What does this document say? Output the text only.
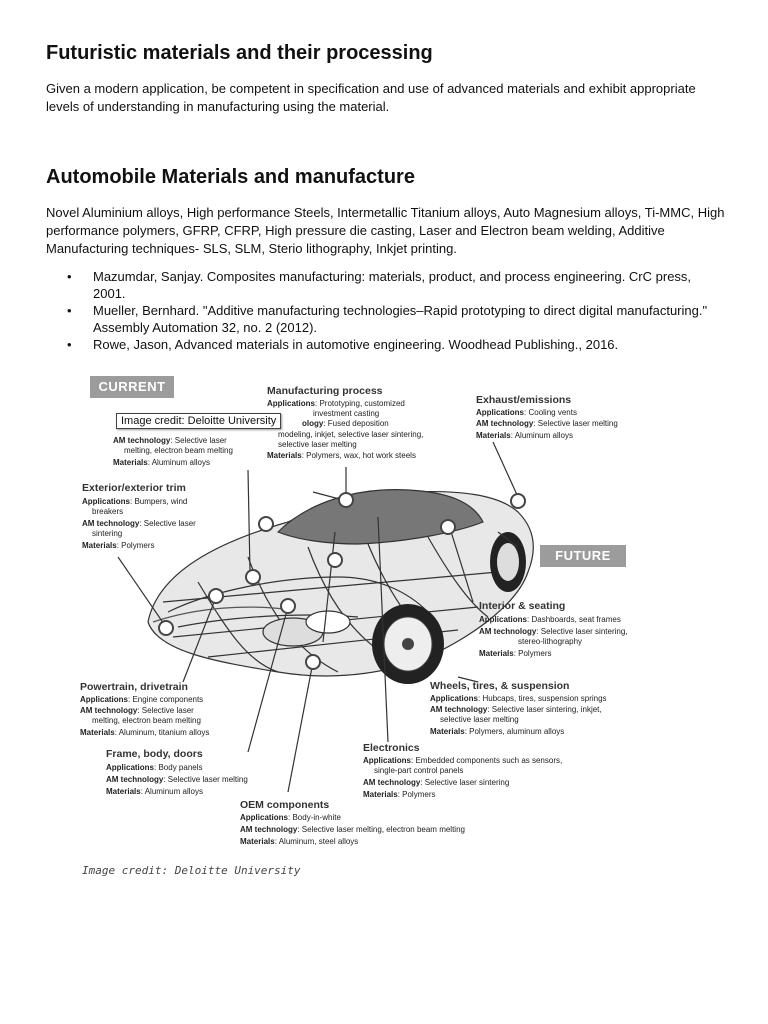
Futuristic materials and their processing

Given a modern application, be competent in specification and use of advanced materials and exhibit appropriate levels of understanding in manufacturing using the material.

Automobile Materials and manufacture

Novel Aluminium alloys, High performance Steels, Intermetallic Titanium alloys, Auto Magnesium alloys, Ti-MMC, High performance polymers, GFRP, CFRP, High pressure die casting, Laser and Electron beam welding, Additive Manufacturing techniques- SLS, SLM, Sterio lithography, Inkjet printing.

• Mazumdar, Sanjay. Composites manufacturing: materials, product, and process engineering. CrC press, 2001.
• Mueller, Bernhard. "Additive manufacturing technologies–Rapid prototyping to direct digital manufacturing." Assembly Automation 32, no. 2 (2012).
• Rowe, Jason, Advanced materials in automotive engineering. Woodhead Publishing., 2016.
CURRENT
FUTURE
Manufacturing process
Applications: Prototyping, customized
investment casting
ology: Fused deposition
modeling, inkjet, selective laser sintering,
selective laser melting
Materials: Polymers, wax, hot work steels
Exhaust/emissions
Applications: Cooling vents
AM technology: Selective laser melting
Materials: Aluminum alloys
AM technology: Selective laser
melting, electron beam melting
Materials: Aluminum alloys
Exterior/exterior trim
Applications: Bumpers, wind
breakers
AM technology: Selective laser
sintering
Materials: Polymers
Interior & seating
Applications: Dashboards, seat frames
AM technology: Selective laser sintering,
stereo-lithography
Materials: Polymers
Powertrain, drivetrain
Applications: Engine components
AM technology: Selective laser
melting, electron beam melting
Materials: Aluminum, titanium alloys
Wheels, tires, & suspension
Applications: Hubcaps, tires, suspension springs
AM technology: Selective laser sintering, inkjet,
selective laser melting
Materials: Polymers, aluminum alloys
Frame, body, doors
Applications: Body panels
AM technology: Selective laser melting
Materials: Aluminum alloys
Electronics
Applications: Embedded components such as sensors,
single-part control panels
AM technology: Selective laser sintering
Materials: Polymers
OEM components
Applications: Body-in-white
AM technology: Selective laser melting, electron beam melting
Materials: Aluminum, steel alloys
Image credit: Deloitte University
Image credit: Deloitte University
